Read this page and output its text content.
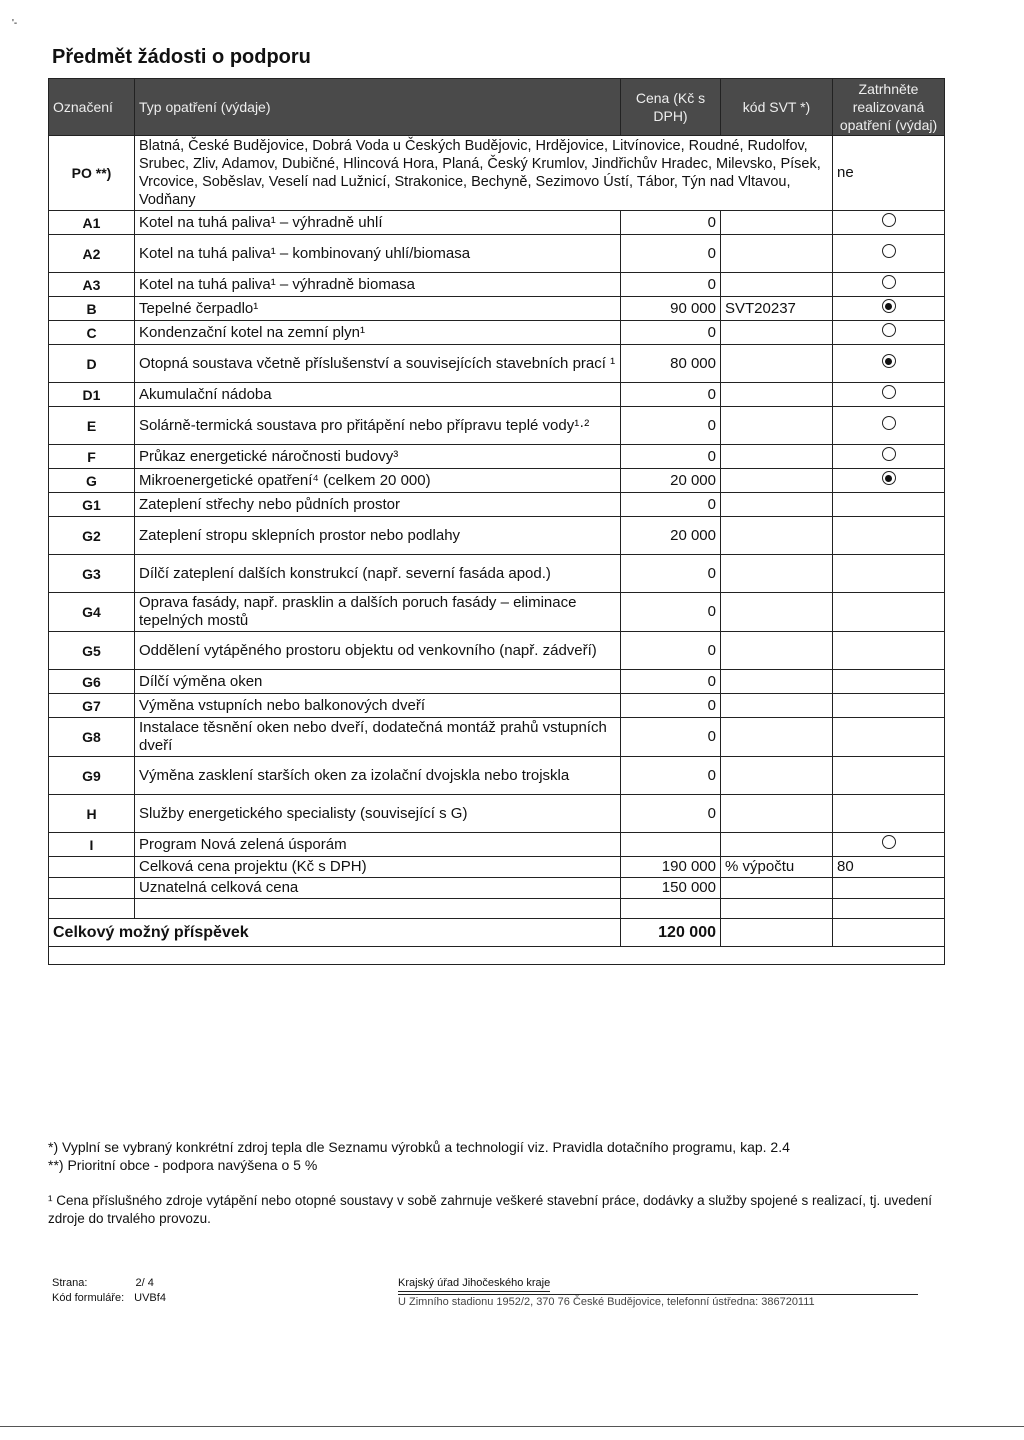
'-
Předmět žádosti o podporu
Označení	Typ opatření (výdaje)	Cena (Kč s DPH)	kód SVT *)	Zatrhněte realizovaná opatření (výdaj)
PO **)	Blatná, České Budějovice, Dobrá Voda u Českých Budějovic, Hrdějovice, Litvínovice, Roudné, Rudolfov, Srubec, Zliv, Adamov, Dubičné, Hlincová Hora, Planá, Český Krumlov, Jindřichův Hradec, Milevsko, Písek, Vrcovice, Soběslav, Veselí nad Lužnicí, Strakonice, Bechyně, Sezimovo Ústí, Tábor, Týn nad Vltavou, Vodňany			ne
A1	Kotel na tuhá paliva¹ – výhradně uhlí	0		
A2	Kotel na tuhá paliva¹ – kombinovaný uhlí/biomasa	0		
A3	Kotel na tuhá paliva¹ – výhradně biomasa	0		
B	Tepelné čerpadlo¹	90 000	SVT20237	
C	Kondenzační kotel na zemní plyn¹	0		
D	Otopná soustava včetně příslušenství a souvisejících stavebních prací ¹	80 000		
D1	Akumulační nádoba	0		
E	Solárně-termická soustava pro přitápění nebo přípravu teplé vody¹·²	0		
F	Průkaz energetické náročnosti budovy³	0		
G	Mikroenergetické opatření⁴ (celkem 20 000)	20 000		
G1	Zateplení střechy nebo půdních prostor	0		
G2	Zateplení stropu sklepních prostor nebo podlahy	20 000		
G3	Dílčí zateplení dalších konstrukcí (např. severní fasáda apod.)	0		
G4	Oprava fasády, např. prasklin a dalších poruch fasády – eliminace tepelných mostů	0		
G5	Oddělení vytápěného prostoru objektu od venkovního (např. zádveří)	0		
G6	Dílčí výměna oken	0		
G7	Výměna vstupních nebo balkonových dveří	0		
G8	Instalace těsnění oken nebo dveří, dodatečná montáž prahů vstupních dveří	0		
G9	Výměna zasklení starších oken za izolační dvojskla nebo trojskla	0		
H	Služby energetického specialisty (související s G)	0		
I	Program Nová zelená úsporám			
	Celková cena projektu (Kč s DPH)	190 000	% výpočtu	80
	Uznatelná celková cena	150 000		

Celkový možný příspěvek		120 000		

*) Vyplní se vybraný konkrétní zdroj tepla dle Seznamu výrobků a technologií viz. Pravidla dotačního programu, kap. 2.4
**) Prioritní obce - podpora navýšena o 5 %
¹ Cena příslušného zdroje vytápění nebo otopné soustavy v sobě zahrnuje veškeré stavební práce, dodávky a služby spojené s realizací, tj. uvedení zdroje do trvalého provozu.
Strana:	2/ 4
Kód formuláře: UVBf4
Krajský úřad Jihočeského kraje
U Zimního stadionu 1952/2, 370 76 České Budějovice, telefonní ústředna: 386720111
